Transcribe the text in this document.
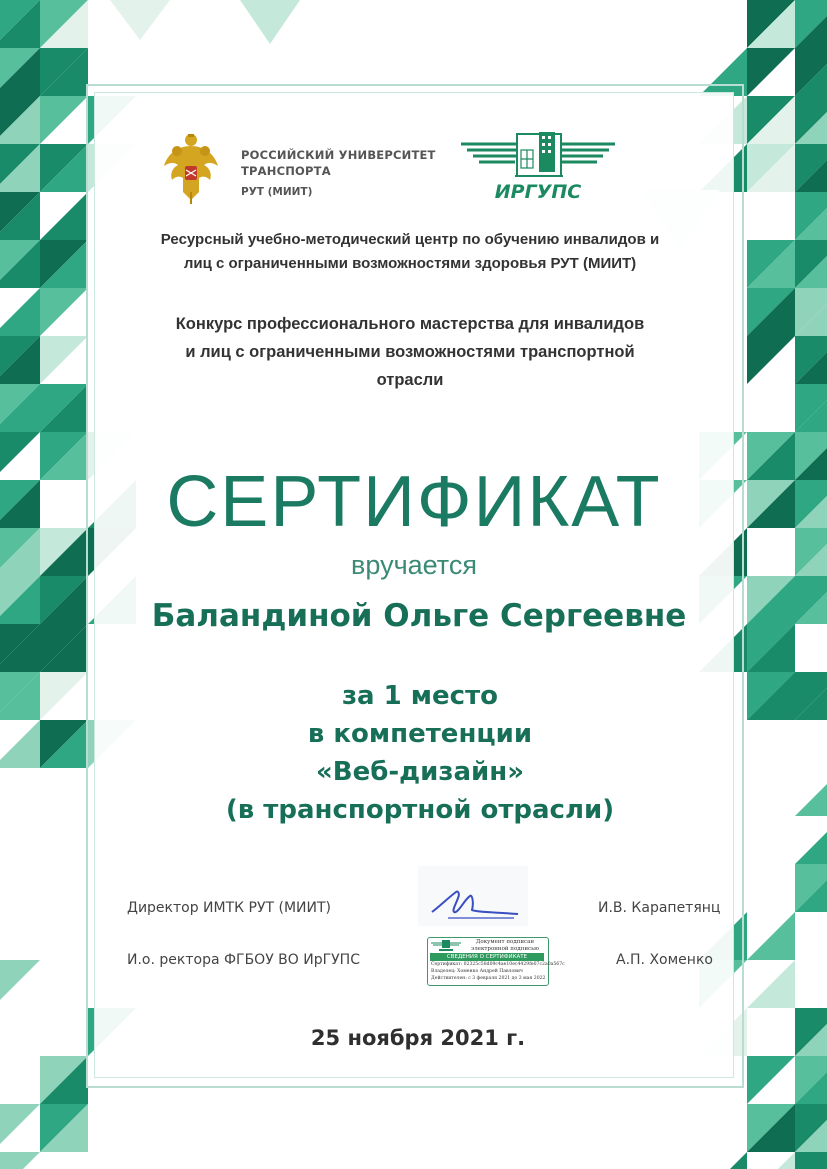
РОССИЙСКИЙ УНИВЕРСИТЕТ
ТРАНСПОРТА
РУТ (МИИТ)	ИРГУПС
Ресурсный учебно-методический центр по обучению инвалидов и
лиц с ограниченными возможностями здоровья РУТ (МИИТ)
Конкурс профессионального мастерства для инвалидов
и лиц с ограниченными возможностями транспортной
отрасли
СЕРТИФИКАТ
вручается
Баландиной Ольге Сергеевне
за 1 место
в компетенции
«Веб-дизайн»
(в транспортной отрасли)
Директор ИМТК РУТ (МИИТ)	И.В. Карапетянц
И.о. ректора ФГБОУ ВО ИрГУПС
Документ подписан
электронной подписью
СВЕДЕНИЯ О СЕРТИФИКАТЕ
Сертификат: 02325c58d09c4ae10ec4429fe07c2a0a567c
Владелец: Хоменко Андрей Павлович
Действителен: с 3 февраля 2021 до 3 мая 2022
А.П. Хоменко
25 ноября 2021 г.
